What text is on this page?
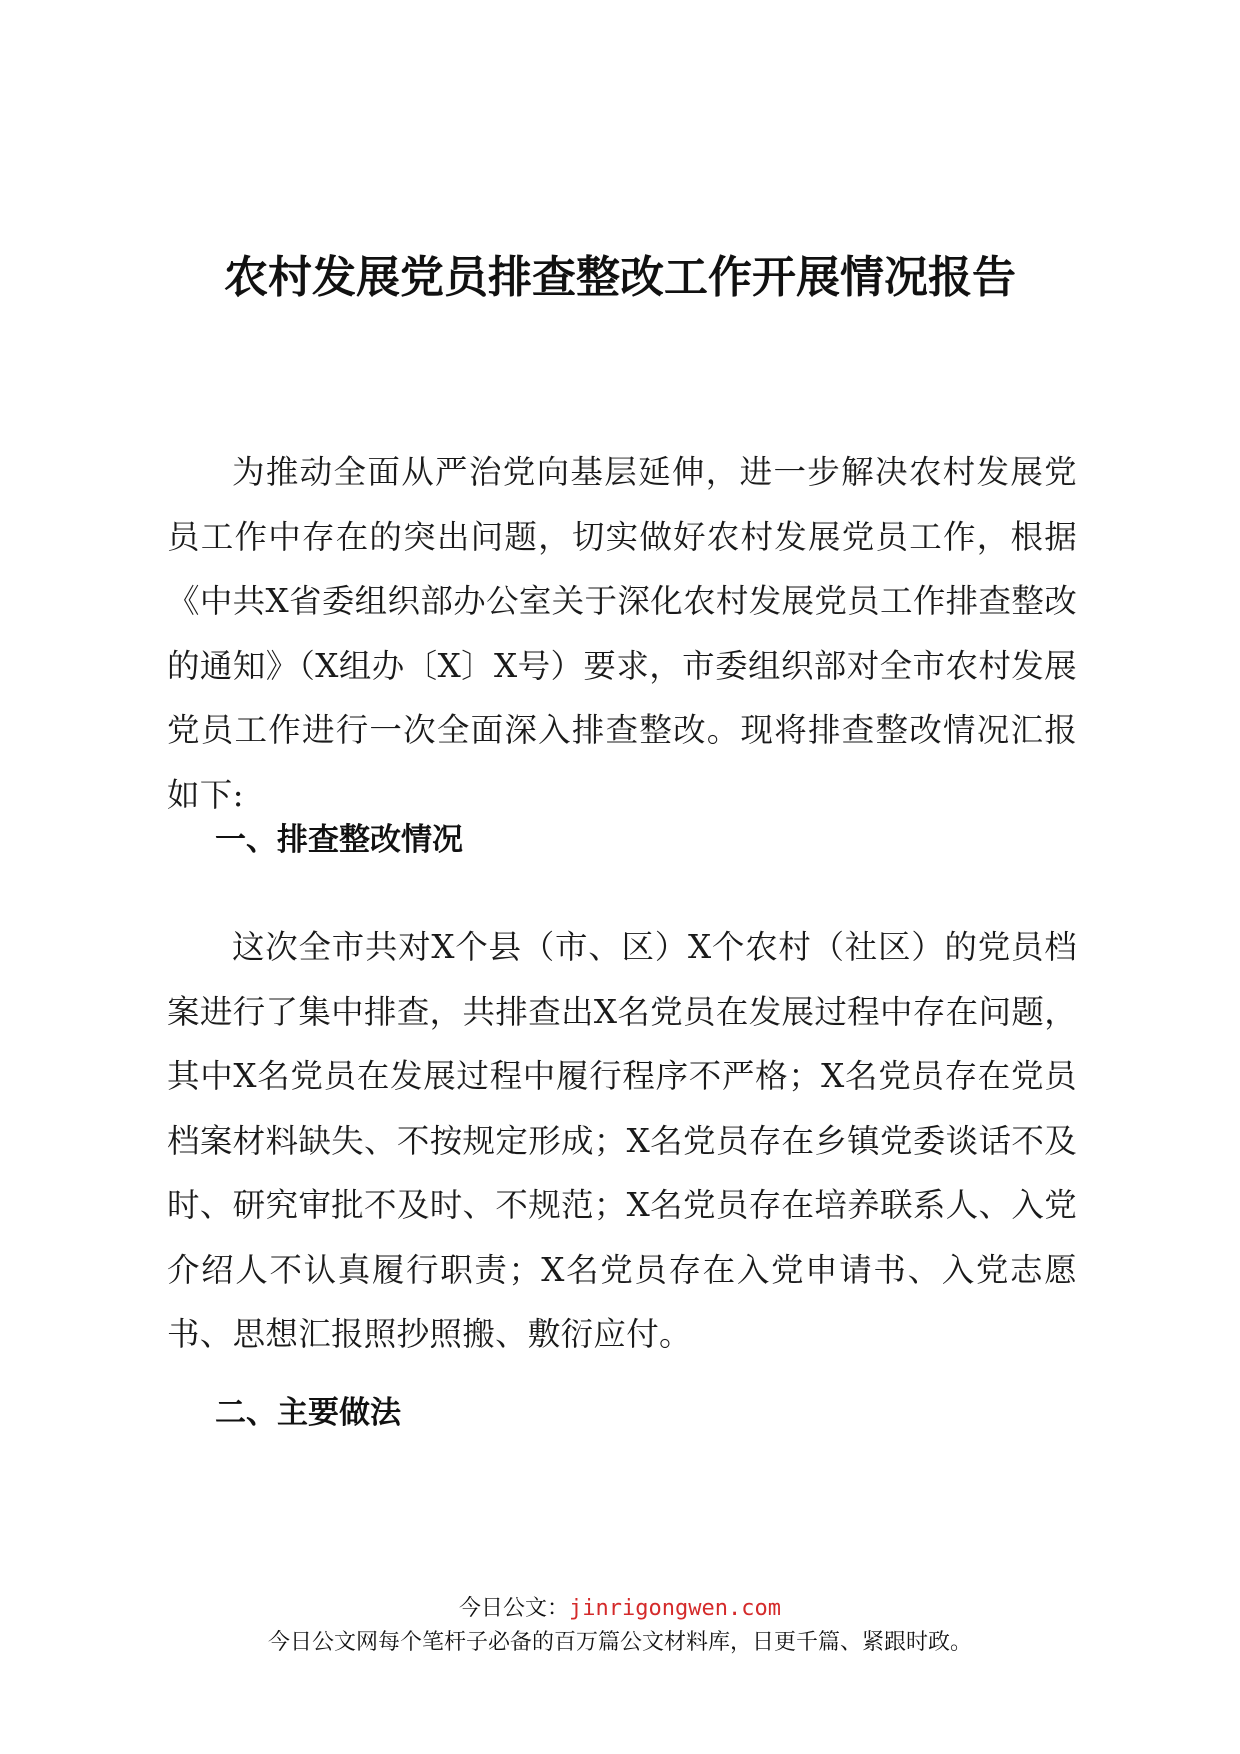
农村发展党员排查整改工作开展情况报告

为推动全面从严治党向基层延伸，进一步解决农村发展党员工作中存在的突出问题，切实做好农村发展党员工作，根据《中共X省委组织部办公室关于深化农村发展党员工作排查整改的通知》（X组办〔X〕X号）要求，市委组织部对全市农村发展党员工作进行一次全面深入排查整改。现将排查整改情况汇报如下:

一、排查整改情况

这次全市共对X个县（市、区）X个农村（社区）的党员档案进行了集中排查，共排查出X名党员在发展过程中存在问题，其中X名党员在发展过程中履行程序不严格；X名党员存在党员档案材料缺失、不按规定形成；X名党员存在乡镇党委谈话不及时、研究审批不及时、不规范；X名党员存在培养联系人、入党介绍人不认真履行职责；X名党员存在入党申请书、入党志愿书、思想汇报照抄照搬、敷衍应付。

二、主要做法
今日公文：jinrigongwen.com
今日公文网每个笔杆子必备的百万篇公文材料库，日更千篇、紧跟时政。
